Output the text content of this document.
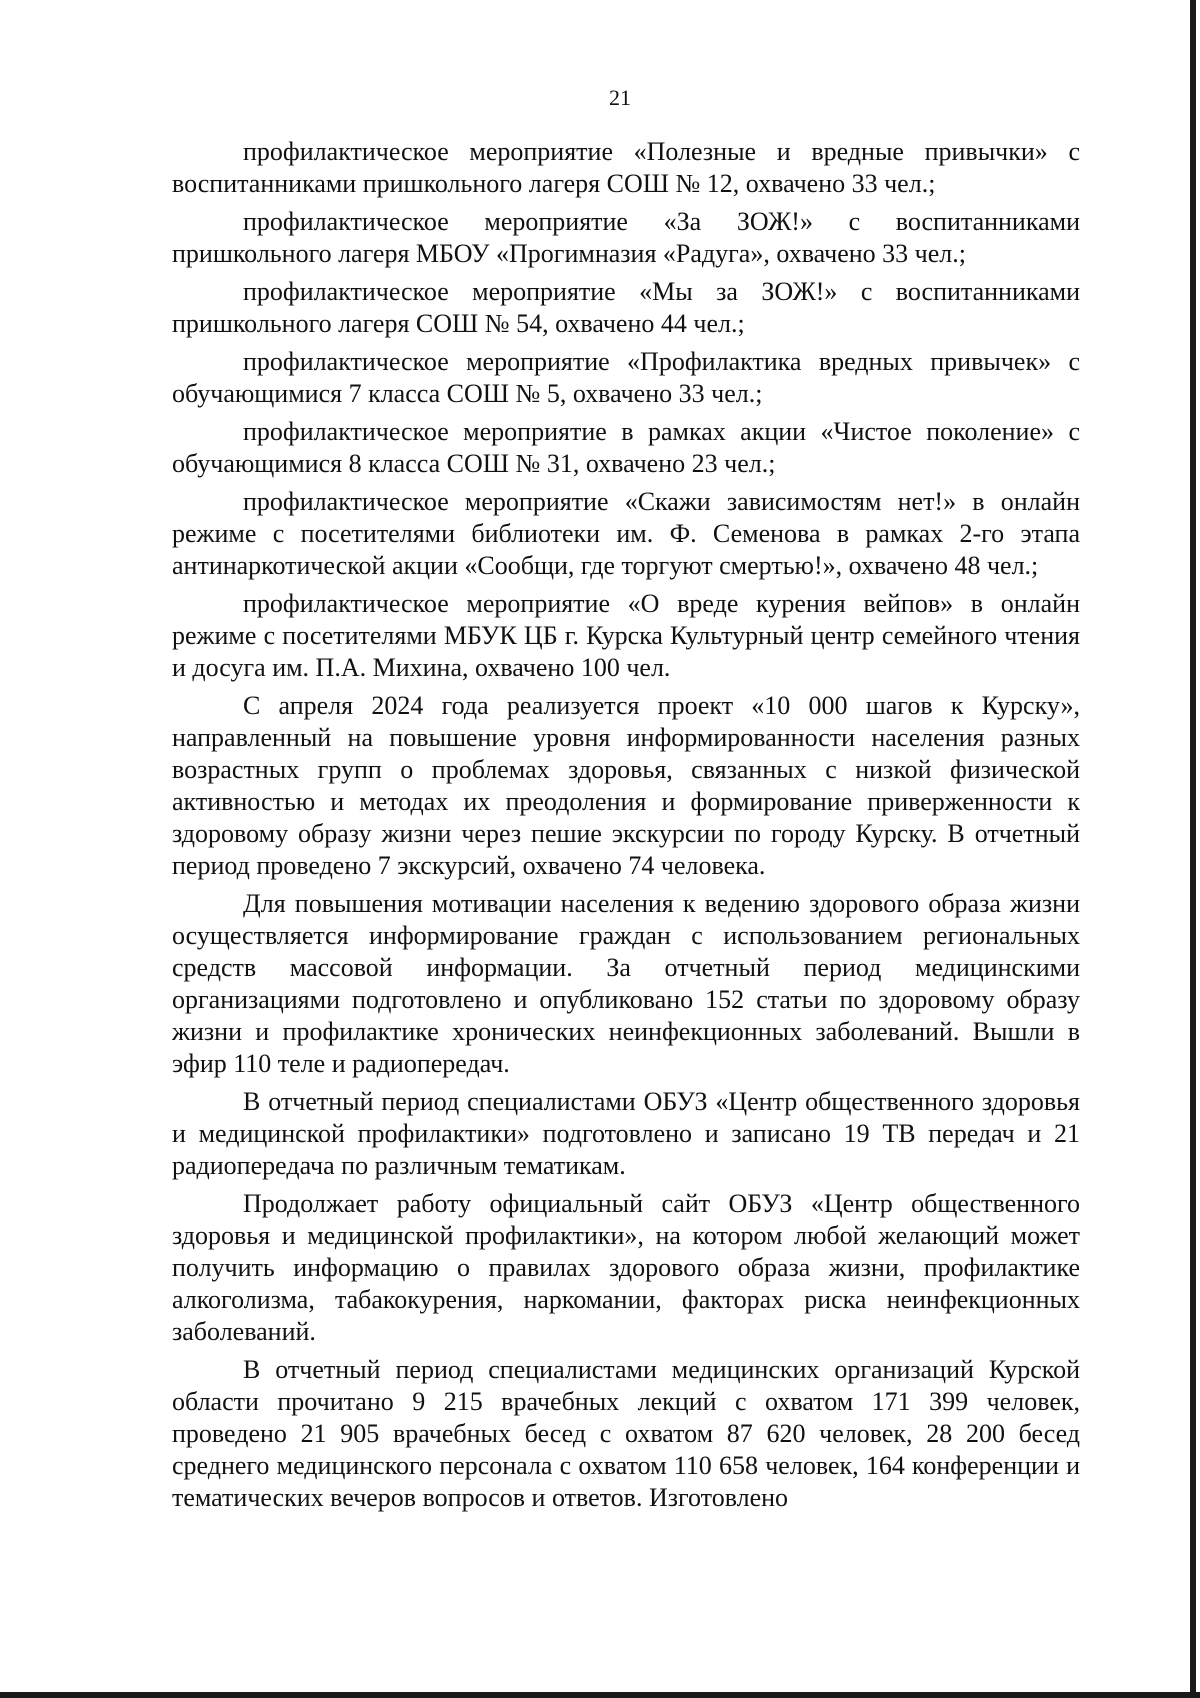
21

профилактическое мероприятие «Полезные и вредные привычки» с воспитанниками пришкольного лагеря СОШ № 12, охвачено 33 чел.;

профилактическое мероприятие «За ЗОЖ!» с воспитанниками пришкольного лагеря МБОУ «Прогимназия «Радуга», охвачено 33 чел.;

профилактическое мероприятие «Мы за ЗОЖ!» с воспитанниками пришкольного лагеря СОШ № 54, охвачено 44 чел.;

профилактическое мероприятие «Профилактика вредных привычек» с обучающимися 7 класса СОШ № 5, охвачено 33 чел.;

профилактическое мероприятие в рамках акции «Чистое поколение» с обучающимися 8 класса СОШ № 31, охвачено 23 чел.;

профилактическое мероприятие «Скажи зависимостям нет!» в онлайн режиме с посетителями библиотеки им. Ф. Семенова в рамках 2-го этапа антинаркотической акции «Сообщи, где торгуют смертью!», охвачено 48 чел.;

профилактическое мероприятие «О вреде курения вейпов» в онлайн режиме с посетителями МБУК ЦБ г. Курска Культурный центр семейного чтения и досуга им. П.А. Михина, охвачено 100 чел.

С апреля 2024 года реализуется проект «10 000 шагов к Курску», направленный на повышение уровня информированности населения разных возрастных групп о проблемах здоровья, связанных с низкой физической активностью и методах их преодоления и формирование приверженности к здоровому образу жизни через пешие экскурсии по городу Курску. В отчетный период проведено 7 экскурсий, охвачено 74 человека.

Для повышения мотивации населения к ведению здорового образа жизни осуществляется информирование граждан с использованием региональных средств массовой информации. За отчетный период медицинскими организациями подготовлено и опубликовано 152 статьи по здоровому образу жизни и профилактике хронических неинфекционных заболеваний. Вышли в эфир 110 теле и радиопередач.

В отчетный период специалистами ОБУЗ «Центр общественного здоровья и медицинской профилактики» подготовлено и записано 19 ТВ передач и 21 радиопередача по различным тематикам.

Продолжает работу официальный сайт ОБУЗ «Центр общественного здоровья и медицинской профилактики», на котором любой желающий может получить информацию о правилах здорового образа жизни, профилактике алкоголизма, табакокурения, наркомании, факторах риска неинфекционных заболеваний.

В отчетный период специалистами медицинских организаций Курской области прочитано 9 215 врачебных лекций с охватом 171 399 человек, проведено 21 905 врачебных бесед с охватом 87 620 человек, 28 200 бесед среднего медицинского персонала с охватом 110 658 человек, 164 конференции и тематических вечеров вопросов и ответов. Изготовлено
